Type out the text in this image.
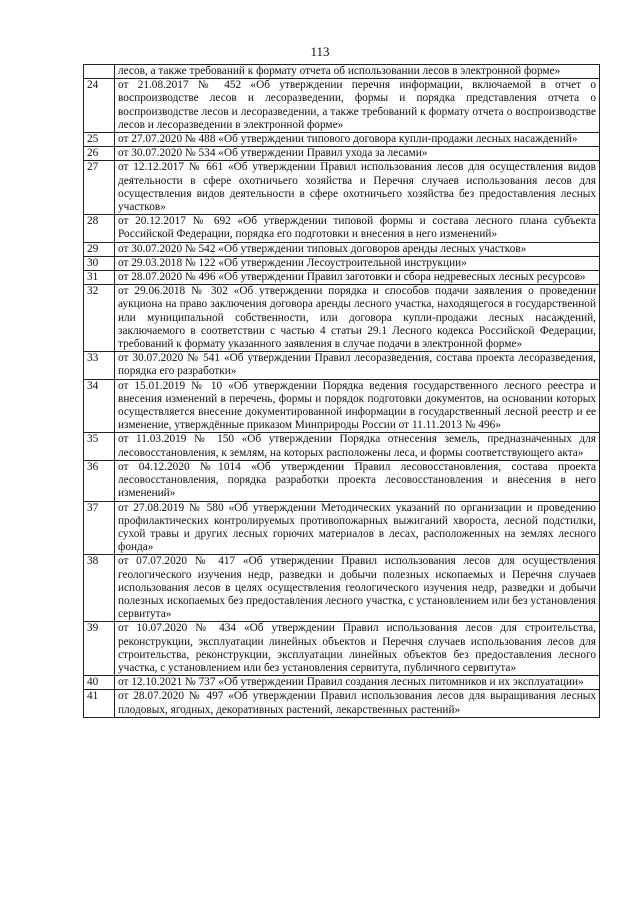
113
	лесов, а также требований к формату отчета об использовании лесов в электронной форме»
24	от 21.08.2017 № 452 «Об утверждении перечня информации, включаемой в отчет о воспроизводстве лесов и лесоразведении, формы и порядка представления отчета о воспроизводстве лесов и лесоразведении, а также требований к формату отчета о воспроизводстве лесов и лесоразведении в электронной форме»
25	от 27.07.2020 № 488 «Об утверждении типового договора купли-продажи лесных насаждений»
26	от 30.07.2020 № 534 «Об утверждении Правил ухода за лесами»
27	от 12.12.2017 № 661 «Об утверждении Правил использования лесов для осуществления видов деятельности в сфере охотничьего хозяйства и Перечня случаев использования лесов для осуществления видов деятельности в сфере охотничьего хозяйства без предоставления лесных участков»
28	от 20.12.2017 № 692 «Об утверждении типовой формы и состава лесного плана субъекта Российской Федерации, порядка его подготовки и внесения в него изменений»
29	от 30.07.2020 № 542 «Об утверждении типовых договоров аренды лесных участков»
30	от 29.03.2018 № 122 «Об утверждении Лесоустроительной инструкции»
31	от 28.07.2020 № 496 «Об утверждении Правил заготовки и сбора недревесных лесных ресурсов»
32	от 29.06.2018 № 302 «Об утверждении порядка и способов подачи заявления о проведении аукциона на право заключения договора аренды лесного участка, находящегося в государственной или муниципальной собственности, или договора купли-продажи лесных насаждений, заключаемого в соответствии с частью 4 статьи 29.1 Лесного кодекса Российской Федерации, требований к формату указанного заявления в случае подачи в электронной форме»
33	от 30.07.2020 № 541 «Об утверждении Правил лесоразведения, состава проекта лесоразведения, порядка его разработки»
34	от 15.01.2019 № 10 «Об утверждении Порядка ведения государственного лесного реестра и внесения изменений в перечень, формы и порядок подготовки документов, на основании которых осуществляется внесение документированной информации в государственный лесной реестр и ее изменение, утверждённые приказом Минприроды России от 11.11.2013 № 496»
35	от 11.03.2019 № 150 «Об утверждении Порядка отнесения земель, предназначенных для лесовосстановления, к землям, на которых расположены леса, и формы соответствующего акта»
36	от 04.12.2020 №1014 «Об утверждении Правил лесовосстановления, состава проекта лесовосстановления, порядка разработки проекта лесовосстановления и внесения в него изменений»
37	от 27.08.2019 № 580 «Об утверждении Методических указаний по организации и проведению профилактических контролируемых противопожарных выжиганий хвороста, лесной подстилки, сухой травы и других лесных горючих материалов в лесах, расположенных на землях лесного фонда»
38	от 07.07.2020 № 417 «Об утверждении Правил использования лесов для осуществления геологического изучения недр, разведки и добычи полезных ископаемых и Перечня случаев использования лесов в целях осуществления геологического изучения недр, разведки и добычи полезных ископаемых без предоставления лесного участка, с установлением или без установления сервитута»
39	от 10.07.2020 № 434 «Об утверждении Правил использования лесов для строительства, реконструкции, эксплуатации линейных объектов и Перечня случаев использования лесов для строительства, реконструкции, эксплуатации линейных объектов без предоставления лесного участка, с установлением или без установления сервитута, публичного сервитута»
40	от 12.10.2021 № 737 «Об утверждении Правил создания лесных питомников и их эксплуатации»
41	от 28.07.2020 № 497 «Об утверждении Правил использования лесов для выращивания лесных плодовых, ягодных, декоративных растений, лекарственных растений»
